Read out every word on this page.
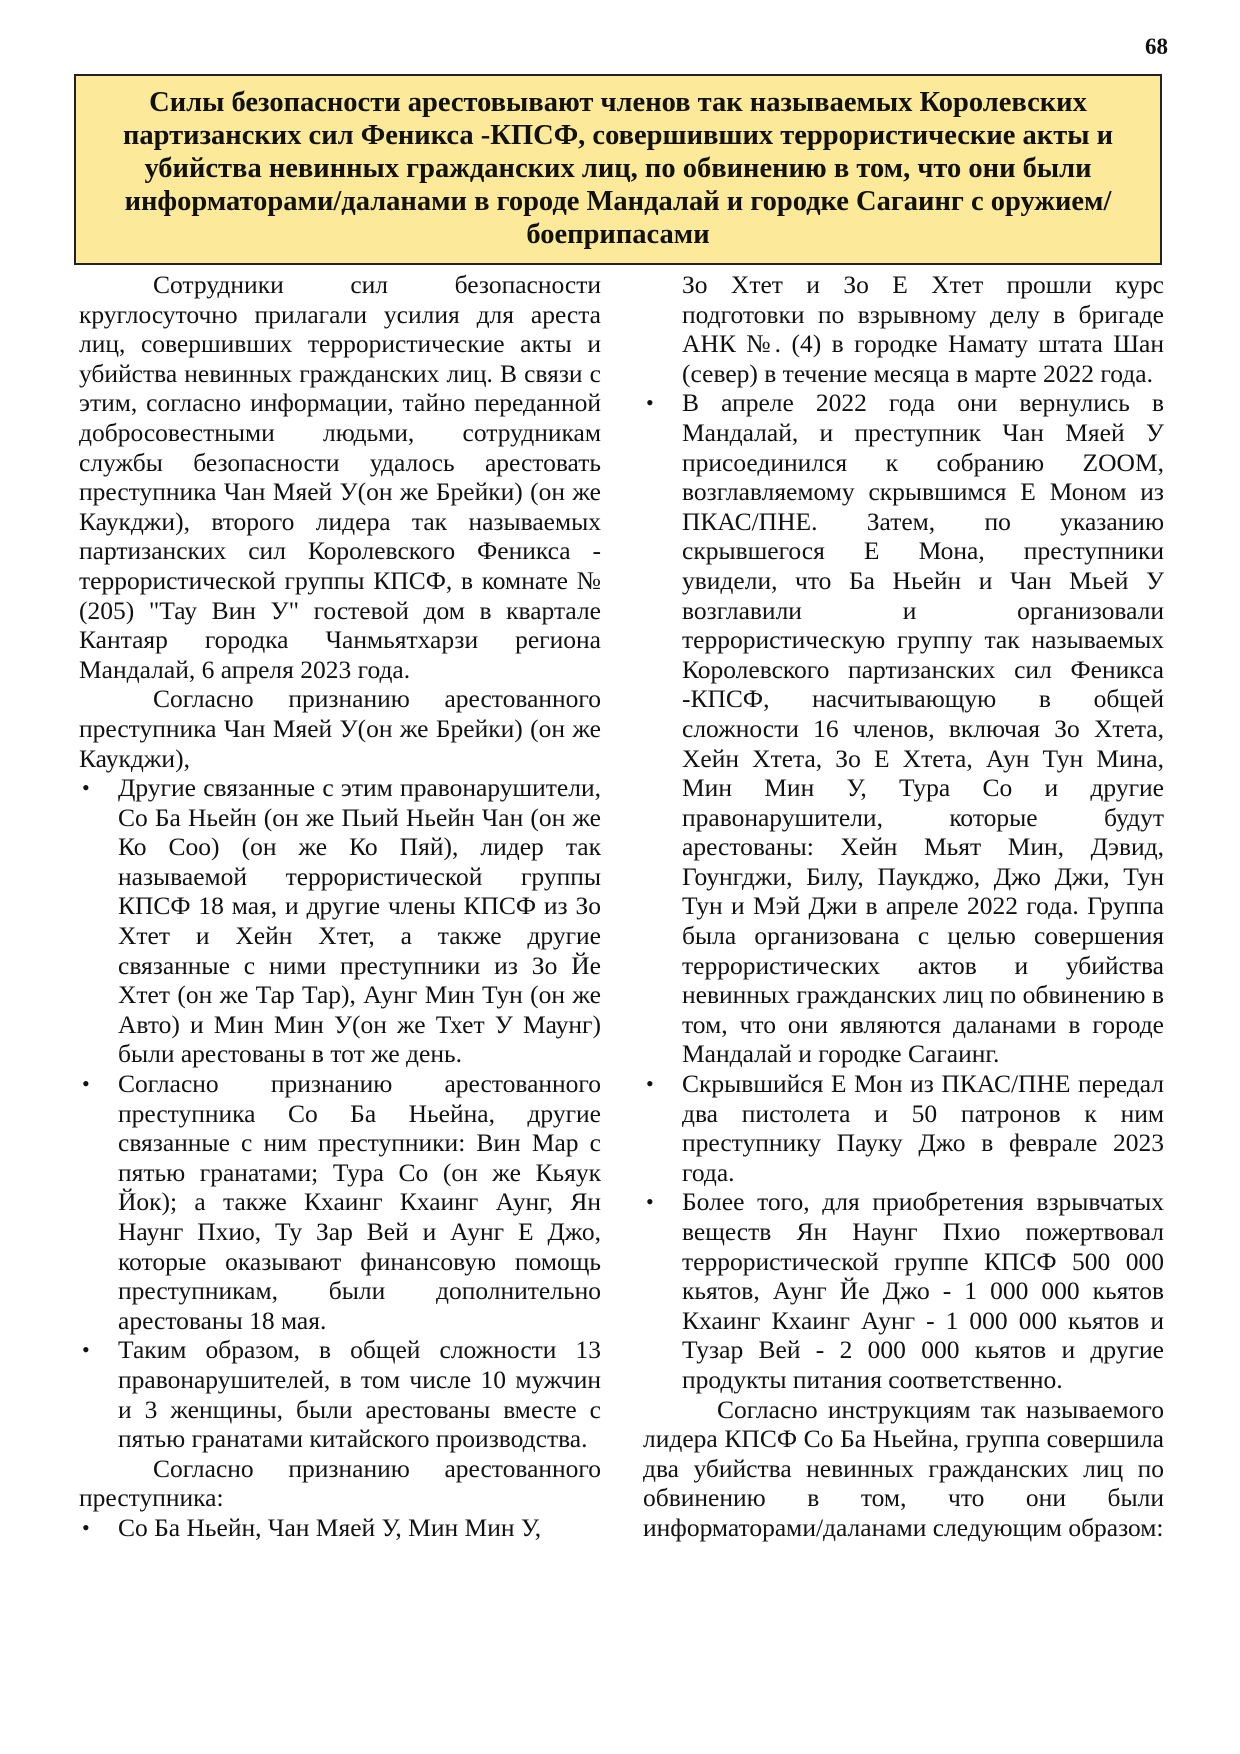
68
Силы безопасности арестовывают членов так называемых Королевских партизанских сил Феникса -КПСФ, совершивших террористические акты и убийства невинных гражданских лиц, по обвинению в том, что они были информаторами/даланами в городе Мандалай и городке Сагаинг с оружием/боеприпасами

Сотрудники сил безопасности круглосуточно прилагали усилия для ареста лиц, совершивших террористические акты и убийства невинных гражданских лиц. В связи с этим, согласно информации, тайно переданной добросовестными людьми, сотрудникам службы безопасности удалось арестовать преступника Чан Мяей У(он же Брейки) (он же Каукджи), второго лидера так называемых партизанских сил Королевского Феникса - террористической группы КПСФ, в комнате № (205) "Тау Вин У" гостевой дом в квартале Кантаяр городка Чанмьятхарзи региона Мандалай, 6 апреля 2023 года.

Согласно признанию арестованного преступника Чан Мяей У(он же Брейки) (он же Каукджи),

• Другие связанные с этим правонарушители, Со Ба Ньейн (он же Пьий Ньейн Чан (он же Ко Соо) (он же Ко Пяй), лидер так называемой террористической группы КПСФ 18 мая, и другие члены КПСФ из Зо Хтет и Хейн Хтет, а также другие связанные с ними преступники из Зо Йе Хтет (он же Тар Тар), Аунг Мин Тун (он же Авто) и Мин Мин У(он же Тхет У Маунг) были арестованы в тот же день.
• Согласно признанию арестованного преступника Со Ба Ньейна, другие связанные с ним преступники: Вин Мар с пятью гранатами; Тура Со (он же Кьяук Йок); а также Кхаинг Кхаинг Аунг, Ян Наунг Пхио, Ту Зар Вей и Аунг Е Джо, которые оказывают финансовую помощь преступникам, были дополнительно арестованы 18 мая.
• Таким образом, в общей сложности 13 правонарушителей, в том числе 10 мужчин и 3 женщины, были арестованы вместе с пятью гранатами китайского производства.

Согласно признанию арестованного преступника:

• Со Ба Ньейн, Чан Мяей У, Мин Мин У,

Зо Хтет и Зо Е Хтет прошли курс подготовки по взрывному делу в бригаде АНК №. (4) в городке Намату штата Шан (север) в течение месяца в марте 2022 года.

• В апреле 2022 года они вернулись в Мандалай, и преступник Чан Мяей У присоединился к собранию ZOOM, возглавляемому скрывшимся Е Моном из ПКАС/ПНЕ. Затем, по указанию скрывшегося Е Мона, преступники увидели, что Ба Ньейн и Чан Мьей У возглавили и организовали террористическую группу так называемых Королевского партизанских сил Феникса -КПСФ, насчитывающую в общей сложности 16 членов, включая Зо Хтета, Хейн Хтета, Зо Е Хтета, Аун Тун Мина, Мин Мин У, Тура Со и другие правонарушители, которые будут арестованы: Хейн Мьят Мин, Дэвид, Гоунгджи, Билу, Паукджо, Джо Джи, Тун Тун и Мэй Джи в апреле 2022 года. Группа была организована с целью совершения террористических актов и убийства невинных гражданских лиц по обвинению в том, что они являются даланами в городе Мандалай и городке Сагаинг.
• Скрывшийся Е Мон из ПКАС/ПНЕ передал два пистолета и 50 патронов к ним преступнику Пауку Джо в феврале 2023 года.
• Более того, для приобретения взрывчатых веществ Ян Наунг Пхио пожертвовал террористической группе КПСФ 500 000 кьятов, Аунг Йе Джо - 1 000 000 кьятов Кхаинг Кхаинг Аунг - 1 000 000 кьятов и Тузар Вей - 2 000 000 кьятов и другие продукты питания соответственно.

Согласно инструкциям так называемого лидера КПСФ Со Ба Ньейна, группа совершила два убийства невинных гражданских лиц по обвинению в том, что они были информаторами/даланами следующим образом:
